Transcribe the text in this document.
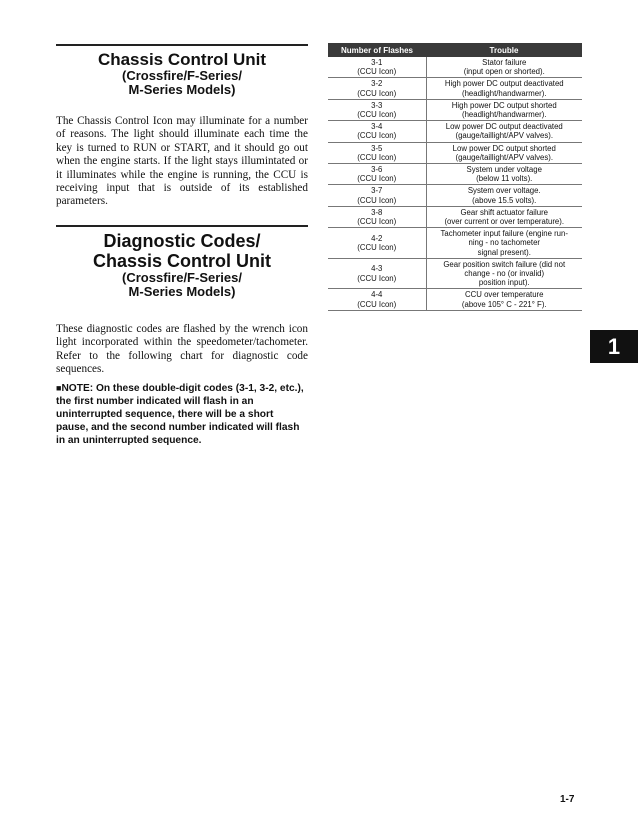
Chassis Control Unit
(Crossfire/F-Series/
M-Series Models)

The Chassis Control Icon may illuminate for a number of reasons. The light should illuminate each time the key is turned to RUN or START, and it should go out when the engine starts. If the light stays illumintated or it illuminates while the engine is running, the CCU is receiving input that is outside of its established parameters.

Diagnostic Codes/
Chassis Control Unit
(Crossfire/F-Series/
M-Series Models)

These diagnostic codes are flashed by the wrench icon light incorporated within the speedometer/tachometer. Refer to the following chart for diagnostic code sequences.

■NOTE: On these double-digit codes (3-1, 3-2, etc.), the first number indicated will flash in an uninterrupted sequence, there will be a short pause, and the second number indicated will flash in an uninterrupted sequence.

Number of Flashes	Trouble

3-1
(CCU Icon)	Stator failure
(input open or shorted).

3-2
(CCU Icon)	High power DC output deactivated
(headlight/handwarmer).

3-3
(CCU Icon)	High power DC output shorted
(headlight/handwarmer).

3-4
(CCU Icon)	Low power DC output deactivated
(gauge/taillight/APV valves).

3-5
(CCU Icon)	Low power DC output shorted
(gauge/taillight/APV valves).

3-6
(CCU Icon)	System under voltage
(below 11 volts).

3-7
(CCU Icon)	System over voltage.
(above 15.5 volts).

3-8
(CCU Icon)	Gear shift actuator failure
(over current or over temperature).

4-2
(CCU Icon)	Tachometer input failure (engine run-
ning - no tachometer
signal present).

4-3
(CCU Icon)	Gear position switch failure (did not
change - no (or invalid)
position input).

4-4
(CCU Icon)	CCU over temperature
(above 105° C - 221° F).
1
1-7
